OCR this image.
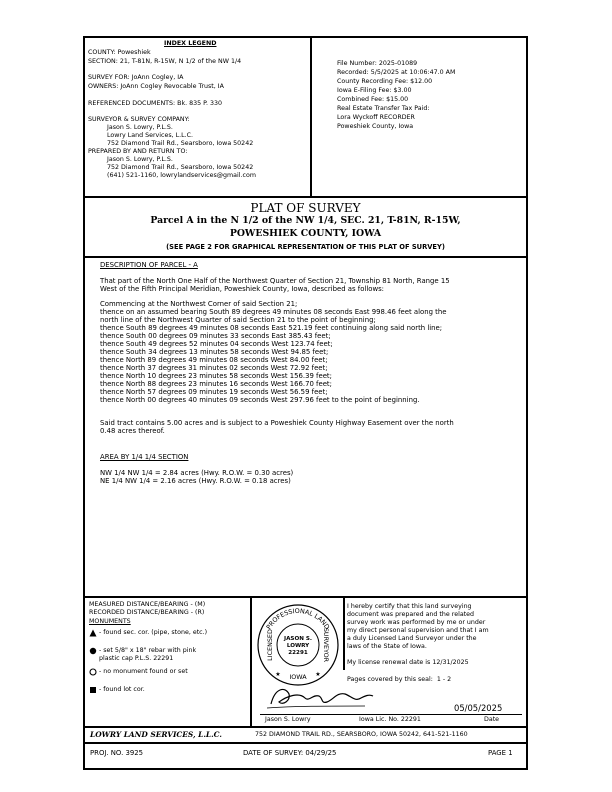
INDEX LEGEND
COUNTY: Poweshiek
SECTION: 21, T-81N, R-15W, N 1/2 of the NW 1/4
SURVEY FOR: JoAnn Cogley, IA
OWNERS: JoAnn Cogley Revocable Trust, IA
REFERENCED DOCUMENTS: Bk. 835 P. 330
SURVEYOR & SURVEY COMPANY:
Jason S. Lowry, P.L.S.
Lowry Land Services, L.L.C.
752 Diamond Trail Rd., Searsboro, Iowa 50242
PREPARED BY AND RETURN TO:
Jason S. Lowry, P.L.S.
752 Diamond Trail Rd., Searsboro, Iowa 50242
(641) 521-1160, lowrylandservices@gmail.com
File Number: 2025-01089
Recorded: 5/5/2025 at 10:06:47.0 AM
County Recording Fee: $12.00
Iowa E-Filing Fee: $3.00
Combined Fee: $15.00
Real Estate Transfer Tax Paid:
Lora Wyckoff RECORDER
Poweshiek County, Iowa
PLAT OF SURVEY
Parcel A in the N 1/2 of the NW 1/4, SEC. 21, T-81N, R-15W,
POWESHIEK COUNTY, IOWA
(SEE PAGE 2 FOR GRAPHICAL REPRESENTATION OF THIS PLAT OF SURVEY)
DESCRIPTION OF PARCEL - A
That part of the North One Half of the Northwest Quarter of Section 21, Township 81 North, Range 15
West of the Fifth Principal Meridian, Poweshiek County, Iowa, described as follows:
Commencing at the Northwest Corner of said Section 21;
thence on an assumed bearing South 89 degrees 49 minutes 08 seconds East 998.46 feet along the
north line of the Northwest Quarter of said Section 21 to the point of beginning;
thence South 89 degrees 49 minutes 08 seconds East 521.19 feet continuing along said north line;
thence South 00 degrees 09 minutes 33 seconds East 385.43 feet;
thence South 49 degrees 52 minutes 04 seconds West 123.74 feet;
thence South 34 degrees 13 minutes 58 seconds West 94.85 feet;
thence North 89 degrees 49 minutes 08 seconds West 84.00 feet;
thence North 37 degrees 31 minutes 02 seconds West 72.92 feet;
thence North 10 degrees 23 minutes 58 seconds West 156.39 feet;
thence North 88 degrees 23 minutes 16 seconds West 166.70 feet;
thence North 57 degrees 09 minutes 19 seconds West 56.59 feet;
thence North 00 degrees 40 minutes 09 seconds West 297.96 feet to the point of beginning.
Said tract contains 5.00 acres and is subject to a Poweshiek County Highway Easement over the north
0.48 acres thereof.
AREA BY 1/4 1/4 SECTION
NW 1/4 NW 1/4 = 2.84 acres (Hwy. R.O.W. = 0.30 acres)
NE 1/4 NW 1/4 = 2.16 acres (Hwy. R.O.W. = 0.18 acres)
MEASURED DISTANCE/BEARING - (M)
RECORDED DISTANCE/BEARING - (R)
MONUMENTS
- found sec. cor. (pipe, stone, etc.)
- set 5/8" x 18" rebar with pink
plastic cap P.L.S. 22291
- no monument found or set
- found lot cor.
PROFESSIONAL LAND
LICENSED	SURVEYOR
IOWA
JASON S.
LOWRY
22291
★	★
I hereby certify that this land surveying
document was prepared and the related
survey work was performed by me or under
my direct personal supervision and that I am
a duly Licensed Land Surveyor under the
laws of the State of Iowa.
My license renewal date is 12/31/2025
Pages covered by this seal:  1 - 2
05/05/2025
Jason S. Lowry	Iowa Lic. No. 22291	Date
LOWRY LAND SERVICES, L.L.C.	752 DIAMOND TRAIL RD., SEARSBORO, IOWA 50242, 641-521-1160
PROJ. NO. 3925	DATE OF SURVEY: 04/29/25	PAGE 1
